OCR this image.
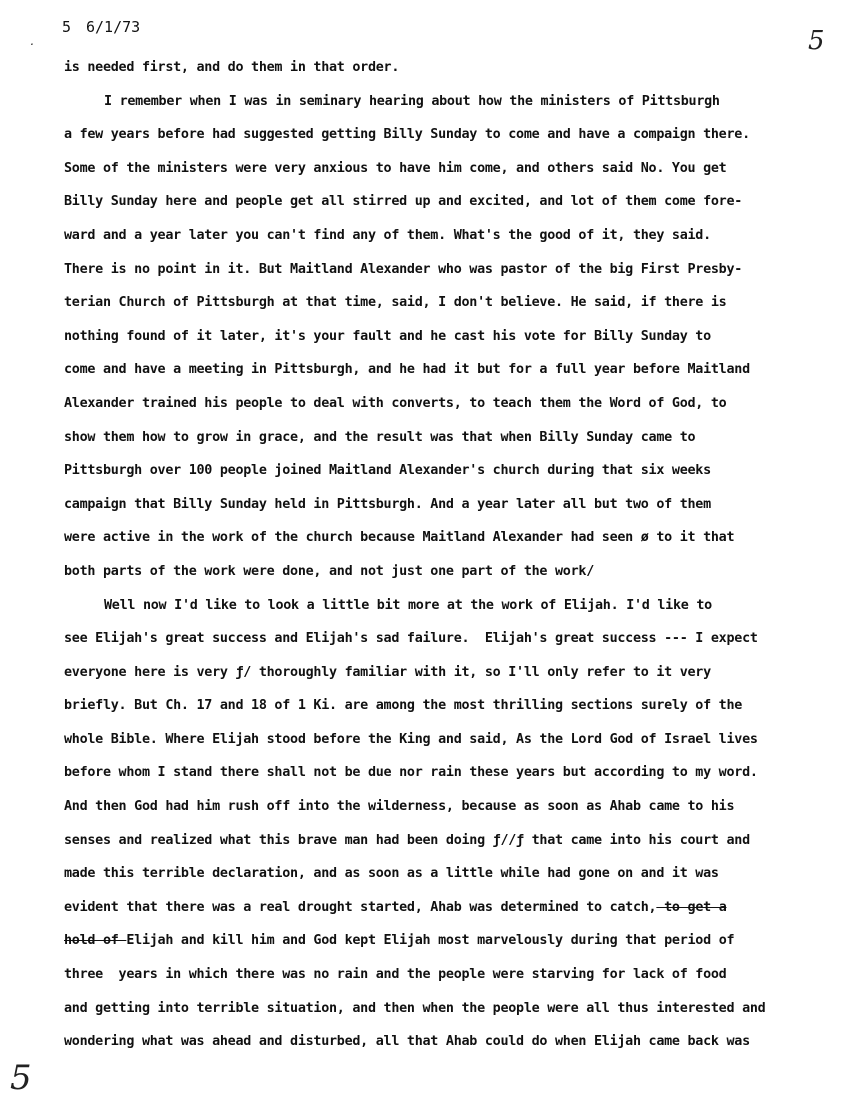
.
5 6/1/73	5
is needed first, and do them in that order.
I remember when I was in seminary hearing about how the ministers of Pittsburgh
a few years before had suggested getting Billy Sunday to come and have a compaign there.
Some of the ministers were very anxious to have him come, and others said No. You get
Billy Sunday here and people get all stirred up and excited, and lot of them come fore-
ward and a year later you can't find any of them. What's the good of it, they said.
There is no point in it. But Maitland Alexander who was pastor of the big First Presby-
terian Church of Pittsburgh at that time, said, I don't believe. He said, if there is
nothing found of it later, it's your fault and he cast his vote for Billy Sunday to
come and have a meeting in Pittsburgh, and he had it but for a full year before Maitland
Alexander trained his people to deal with converts, to teach them the Word of God, to
show them how to grow in grace, and the result was that when Billy Sunday came to
Pittsburgh over 100 people joined Maitland Alexander's church during that six weeks
campaign that Billy Sunday held in Pittsburgh. And a year later all but two of them
were active in the work of the church because Maitland Alexander had seen ø to it that
both parts of the work were done, and not just one part of the work/
Well now I'd like to look a little bit more at the work of Elijah. I'd like to
see Elijah's great success and Elijah's sad failure.  Elijah's great success --- I expect
everyone here is very ƒ/ thoroughly familiar with it, so I'll only refer to it very
briefly. But Ch. 17 and 18 of 1 Ki. are among the most thrilling sections surely of the
whole Bible. Where Elijah stood before the King and said, As the Lord God of Israel lives
before whom I stand there shall not be due nor rain these years but according to my word.
And then God had him rush off into the wilderness, because as soon as Ahab came to his
senses and realized what this brave man had been doing ƒ//ƒ that came into his court and
made this terrible declaration, and as soon as a little while had gone on and it was
evident that there was a real drought started, Ahab was determined to catch, to get a
hold of Elijah and kill him and God kept Elijah most marvelously during that period of
three  years in which there was no rain and the people were starving for lack of food
and getting into terrible situation, and then when the people were all thus interested and
wondering what was ahead and disturbed, all that Ahab could do when Elijah came back was
5
